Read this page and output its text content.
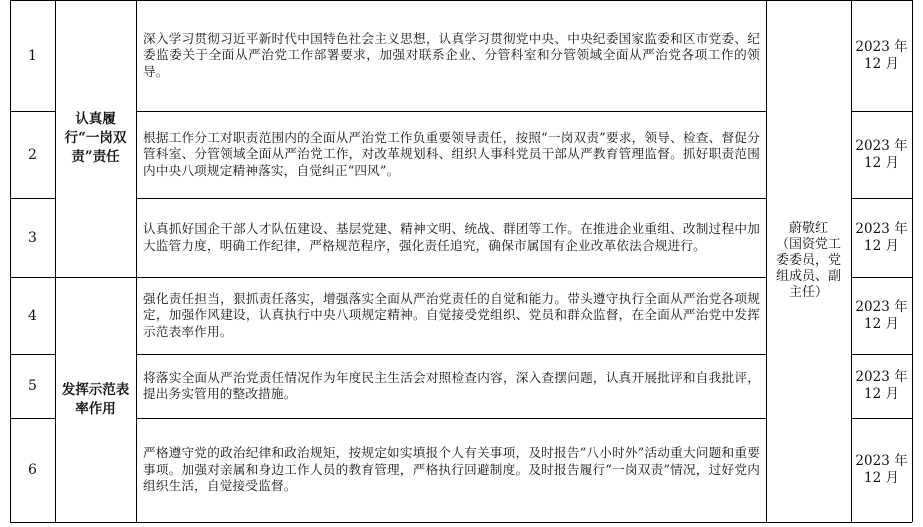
1
2
3
4
5
6
认真履行“一岗双责”责任
发挥示范表率作用
深入学习贯彻习近平新时代中国特色社会主义思想，认真学习贯彻党中央、中央纪委国家监委和区市党委、纪委监委关于全面从严治党工作部署要求，加强对联系企业、分管科室和分管领域全面从严治党各项工作的领导。
根据工作分工对职责范围内的全面从严治党工作负重要领导责任，按照“一岗双责”要求，领导、检查、督促分管科室、分管领域全面从严治党工作，对改革规划科、组织人事科党员干部从严教育管理监督。抓好职责范围内中央八项规定精神落实，自觉纠正“四风”。
认真抓好国企干部人才队伍建设、基层党建、精神文明、统战、群团等工作。在推进企业重组、改制过程中加大监管力度，明确工作纪律，严格规范程序，强化责任追究，确保市属国有企业改革依法合规进行。
强化责任担当，狠抓责任落实，增强落实全面从严治党责任的自觉和能力。带头遵守执行全面从严治党各项规定，加强作风建设，认真执行中央八项规定精神。自觉接受党组织、党员和群众监督，在全面从严治党中发挥示范表率作用。
将落实全面从严治党责任情况作为年度民主生活会对照检查内容，深入查摆问题，认真开展批评和自我批评，提出务实管用的整改措施。
严格遵守党的政治纪律和政治规矩，按规定如实填报个人有关事项，及时报告“八小时外”活动重大问题和重要事项。加强对亲属和身边工作人员的教育管理，严格执行回避制度。及时报告履行“一岗双责”情况，过好党内组织生活，自觉接受监督。
蔚敬红
（国资党工委委员，党组成员、副主任）
2023 年
12 月
2023 年
12 月
2023 年
12 月
2023 年
12 月
2023 年
12 月
2023 年
12 月
